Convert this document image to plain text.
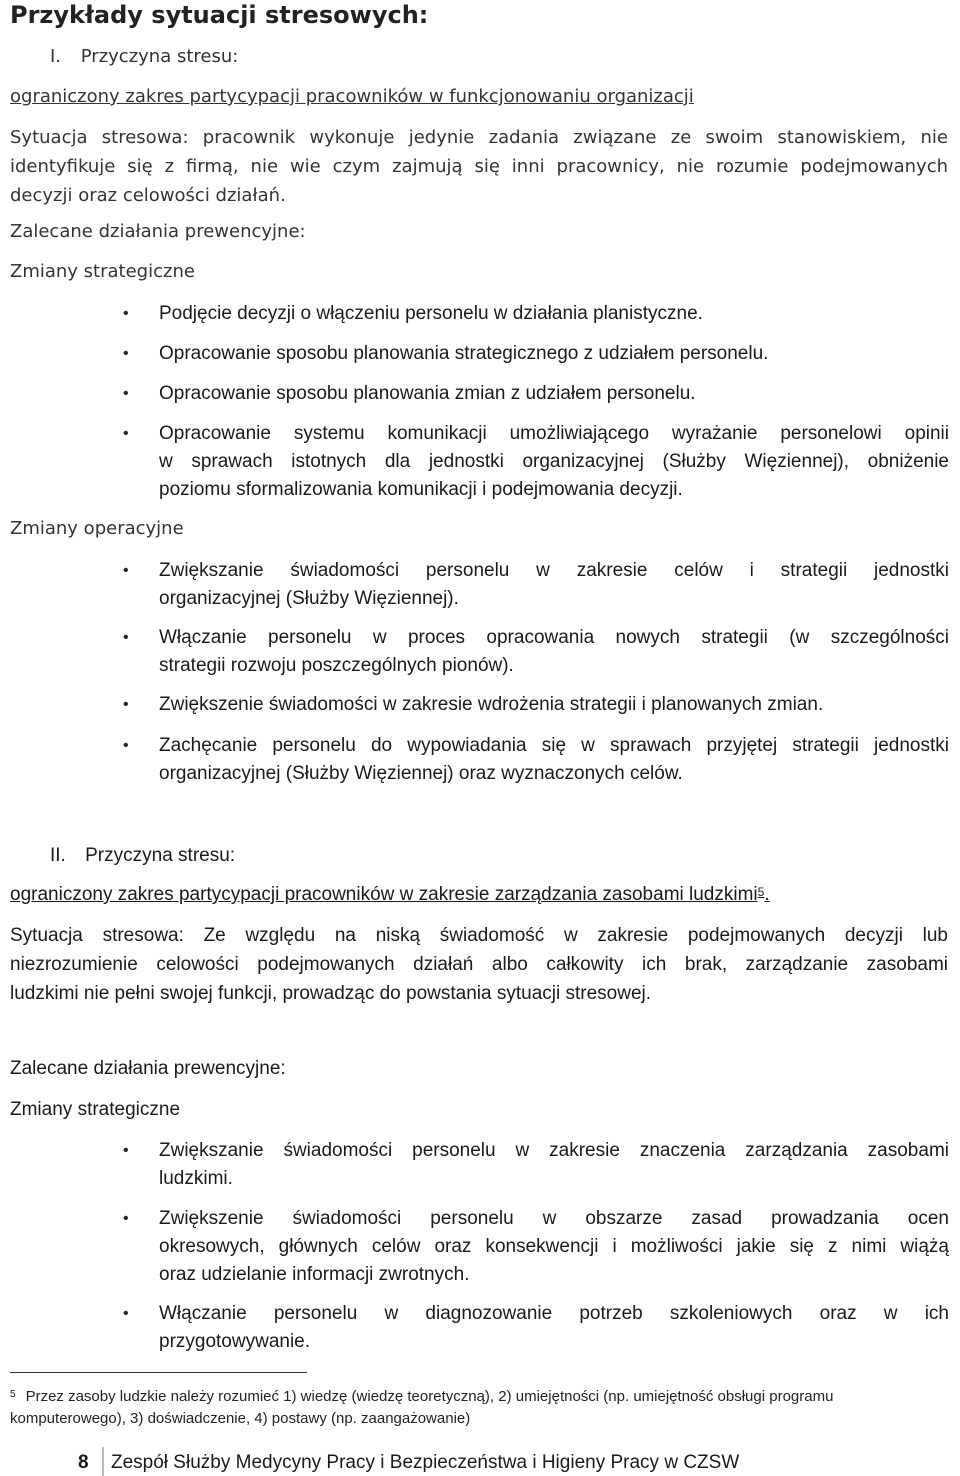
Przykłady sytuacji stresowych:
I. Przyczyna stresu:
ograniczony zakres partycypacji pracowników w funkcjonowaniu organizacji
Sytuacja stresowa: pracownik wykonuje jedynie zadania związane ze swoim stanowiskiem, nie
identyfikuje się z firmą, nie wie czym zajmują się inni pracownicy, nie rozumie podejmowanych
decyzji oraz celowości działań.
Zalecane działania prewencyjne:
Zmiany strategiczne
• Podjęcie decyzji o włączeniu personelu w działania planistyczne.
• Opracowanie sposobu planowania strategicznego z udziałem personelu.
• Opracowanie sposobu planowania zmian z udziałem personelu.
• Opracowanie systemu komunikacji umożliwiającego wyrażanie personelowi opinii
w sprawach istotnych dla jednostki organizacyjnej (Służby Więziennej), obniżenie
poziomu sformalizowania komunikacji i podejmowania decyzji.
Zmiany operacyjne
• Zwiększanie świadomości personelu w zakresie celów i strategii jednostki
organizacyjnej (Służby Więziennej).
• Włączanie personelu w proces opracowania nowych strategii (w szczególności
strategii rozwoju poszczególnych pionów).
• Zwiększenie świadomości w zakresie wdrożenia strategii i planowanych zmian.
• Zachęcanie personelu do wypowiadania się w sprawach przyjętej strategii jednostki
organizacyjnej (Służby Więziennej) oraz wyznaczonych celów.
II. Przyczyna stresu:
ograniczony zakres partycypacji pracowników w zakresie zarządzania zasobami ludzkimi$^5$.
Sytuacja stresowa: Ze względu na niską świadomość w zakresie podejmowanych decyzji lub
niezrozumienie celowości podejmowanych działań albo całkowity ich brak, zarządzanie zasobami
ludzkimi nie pełni swojej funkcji, prowadząc do powstania sytuacji stresowej.
Zalecane działania prewencyjne:
Zmiany strategiczne
• Zwiększanie świadomości personelu w zakresie znaczenia zarządzania zasobami
ludzkimi.
• Zwiększenie świadomości personelu w obszarze zasad prowadzania ocen
okresowych, głównych celów oraz konsekwencji i możliwości jakie się z nimi wiążą
oraz udzielanie informacji zwrotnych.
• Włączanie personelu w diagnozowanie potrzeb szkoleniowych oraz w ich
przygotowywanie.
$^5$ Przez zasoby ludzkie należy rozumieć 1) wiedzę (wiedzę teoretyczną), 2) umiejętności (np. umiejętność obsługi programu
komputerowego), 3) doświadczenie, 4) postawy (np. zaangażowanie)
8 Zespół Służby Medycyny Pracy i Bezpieczeństwa i Higieny Pracy w CZSW
